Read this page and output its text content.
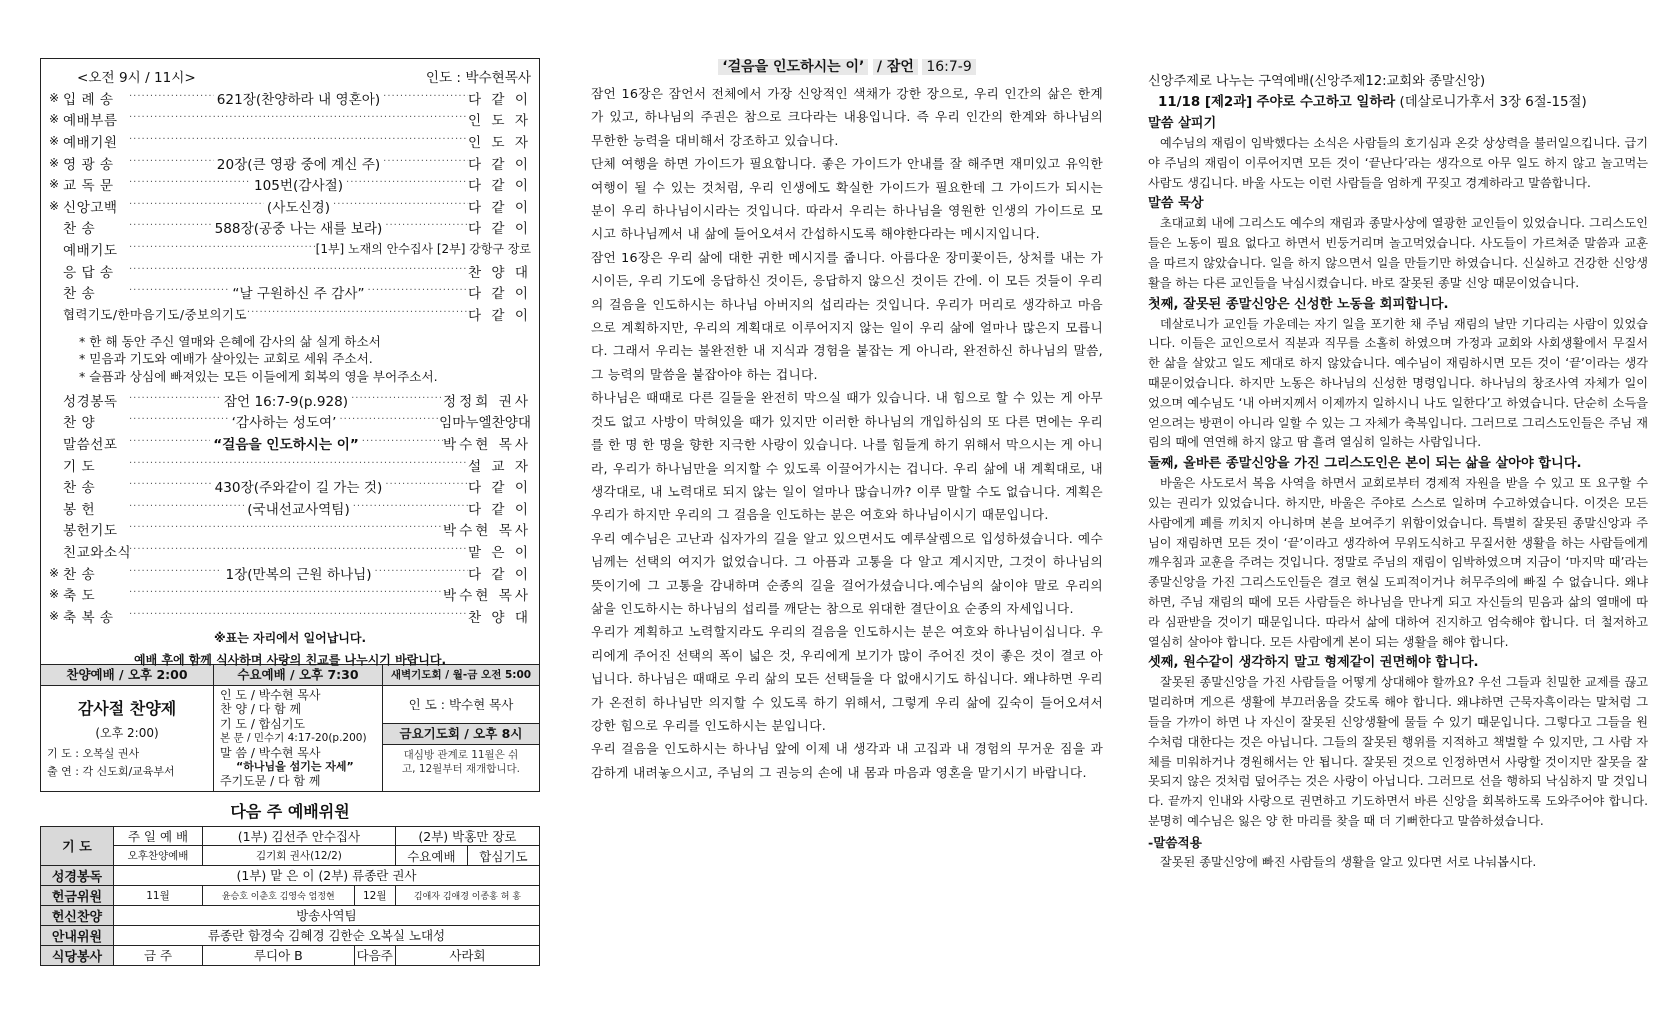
<오전 9시 / 11시>	인도 : 박수현목사
※ 입 례 송 ·····	621장(찬양하라 내 영혼아) ·····	다 같 이
※ 예배부름 ·····	인 도 자
※ 예배기원 ·····	인 도 자
※ 영 광 송 ·····	20장(큰 영광 중에 계신 주) ·····	다 같 이
※ 교 독 문 ·····	105번(감사절) ·····	다 같 이
※ 신앙고백 ·····	(사도신경) ·····	다 같 이
찬 송 ·····	588장(공중 나는 새를 보라) ·····	다 같 이
예배기도 ·····	[1부] 노재의 안수집사 [2부] 강항구 장로
응 답 송 ·····	찬 양 대
찬 송 ·····	“날 구원하신 주 감사” ·····	다 같 이
협력기도/한마음기도/중보의기도 ·····	다 같 이
* 한 해 동안 주신 열매와 은혜에 감사의 삶 실게 하소서
* 믿음과 기도와 예배가 살아있는 교회로 세워 주소서.
* 슬픔과 상심에 빠져있는 모든 이들에게 회복의 영을 부어주소서.
성경봉독 ·····	잠언 16:7-9(p.928) ·····	정정희 권사
찬 양 ·····	‘감사하는 성도여’ ·····	임마누엘찬양대
말씀선포 ·····	“걸음을 인도하시는 이” ·····	박수현 목사
기 도 ·····	설 교 자
찬 송 ·····	430장(주와같이 길 가는 것) ·····	다 같 이
봉 헌 ·····	(국내선교사역팀) ·····	다 같 이
봉헌기도 ·····	박수현 목사
친교와소식 ·····	맡 은 이
※ 찬 송 ·····	1장(만복의 근원 하나님) ·····	다 같 이
※ 축 도 ·····	박수현 목사
※ 축 복 송 ·····	찬 양 대
※표는 자리에서 일어납니다.
예배 후에 함께 식사하며 사랑의 친교를 나누시기 바랍니다.
찬양예배 / 오후 2:00
감사절 찬양제
(오후 2:00)
기 도 : 오복실 권사
출 연 : 각 신도회/교육부서

수요예배 / 오후 7:30
인 도 / 박수현 목사
찬 양 / 다 함 께
기 도 / 합심기도
본 문 / 민수기 4:17-20(p.200)
말 씀 / 박수현 목사
“하나님을 섬기는 자세”
주기도문 / 다 함 께

새벽기도회 / 월-금 오전 5:00
인 도 : 박수현 목사
금요기도회 / 오후 8시
대심방 관계로 11월은 쉬고, 12월부터 재개합니다.
다음 주 예배위원
기 도	주 일 예 배	(1부) 김선주 안수집사		(2부) 박홍만 장로	
	오후찬양예배	김기회 권사(12/2)		수요예배	합심기도
성경봉독	(1부) 맡 은 이 (2부) 류종란 권사				
헌금위원	11월	윤승호 이춘호 김영숙 엄정현	12월	김애자 김애경 이종홍 허 홍	
헌신찬양	방송사역팀				
안내위원	류종란 함경숙 김혜경 김한순 오복실 노대성				
식당봉사	금 주	루디아 B	다음주	사라회	
‘걸음을 인도하시는 이’ / 잠언 16:7-9

잠언 16장은 잠언서 전체에서 가장 신앙적인 색채가 강한 장으로, 우리 인간의 삶은 한계가 있고, 하나님의 주권은 참으로 크다라는 내용입니다. 즉 우리 인간의 한계와 하나님의 무한한 능력을 대비해서 강조하고 있습니다.

단체 여행을 하면 가이드가 필요합니다. 좋은 가이드가 안내를 잘 해주면 재미있고 유익한 여행이 될 수 있는 것처럼, 우리 인생에도 확실한 가이드가 필요한데 그 가이드가 되시는 분이 우리 하나님이시라는 것입니다. 따라서 우리는 하나님을 영원한 인생의 가이드로 모시고 하나님께서 내 삶에 들어오셔서 간섭하시도록 해야한다라는 메시지입니다.

잠언 16장은 우리 삶에 대한 귀한 메시지를 줍니다. 아름다운 장미꽃이든, 상처를 내는 가시이든, 우리 기도에 응답하신 것이든, 응답하지 않으신 것이든 간에. 이 모든 것들이 우리의 걸음을 인도하시는 하나님 아버지의 섭리라는 것입니다. 우리가 머리로 생각하고 마음으로 계획하지만, 우리의 계획대로 이루어지지 않는 일이 우리 삶에 얼마나 많은지 모릅니다. 그래서 우리는 불완전한 내 지식과 경험을 붙잡는 게 아니라, 완전하신 하나님의 말씀, 그 능력의 말씀을 붙잡아야 하는 겁니다.

하나님은 때때로 다른 길들을 완전히 막으실 때가 있습니다. 내 힘으로 할 수 있는 게 아무 것도 없고 사방이 막혀있을 때가 있지만 이러한 하나님의 개입하심의 또 다른 면에는 우리를 한 명 한 명을 향한 지극한 사랑이 있습니다. 나를 힘들게 하기 위해서 막으시는 게 아니라, 우리가 하나님만을 의지할 수 있도록 이끌어가시는 겁니다. 우리 삶에 내 계획대로, 내 생각대로, 내 노력대로 되지 않는 일이 얼마나 많습니까? 이루 말할 수도 없습니다. 계획은 우리가 하지만 우리의 그 걸음을 인도하는 분은 여호와 하나님이시기 때문입니다.

우리 예수님은 고난과 십자가의 길을 알고 있으면서도 예루살렘으로 입성하셨습니다. 예수님께는 선택의 여지가 없었습니다. 그 아픔과 고통을 다 알고 계시지만, 그것이 하나님의 뜻이기에 그 고통을 감내하며 순종의 길을 걸어가셨습니다.예수님의 삶이야 말로 우리의 삶을 인도하시는 하나님의 섭리를 깨닫는 참으로 위대한 결단이요 순종의 자세입니다.

우리가 계획하고 노력할지라도 우리의 걸음을 인도하시는 분은 여호와 하나님이십니다. 우리에게 주어진 선택의 폭이 넓은 것, 우리에게 보기가 많이 주어진 것이 좋은 것이 결코 아닙니다. 하나님은 때때로 우리 삶의 모든 선택들을 다 없애시기도 하십니다. 왜냐하면 우리가 온전히 하나님만 의지할 수 있도록 하기 위해서, 그렇게 우리 삶에 깊숙이 들어오셔서 강한 힘으로 우리를 인도하시는 분입니다.

우리 걸음을 인도하시는 하나님 앞에 이제 내 생각과 내 고집과 내 경험의 무거운 짐을 과감하게 내려놓으시고, 주님의 그 권능의 손에 내 몸과 마음과 영혼을 맡기시기 바랍니다.

신앙주제로 나누는 구역예배(신앙주제12:교회와 종말신앙)

11/18 [제2과] 주야로 수고하고 일하라 (데살로니가후서 3장 6절-15절)

말씀 살피기

예수님의 재림이 임박했다는 소식은 사람들의 호기심과 온갖 상상력을 불러일으킵니다. 급기야 주님의 재림이 이루어지면 모든 것이 ‘끝난다’라는 생각으로 아무 일도 하지 않고 놀고먹는 사람도 생깁니다. 바울 사도는 이런 사람들을 엄하게 꾸짖고 경계하라고 말씀합니다.

말씀 묵상

초대교회 내에 그리스도 예수의 재림과 종말사상에 열광한 교인들이 있었습니다. 그리스도인들은 노동이 필요 없다고 하면서 빈둥거리며 놀고먹었습니다. 사도들이 가르쳐준 말씀과 교훈을 따르지 않았습니다. 일을 하지 않으면서 일을 만들기만 하였습니다. 신실하고 건강한 신앙생활을 하는 다른 교인들을 낙심시켰습니다. 바로 잘못된 종말 신앙 때문이었습니다.

첫째, 잘못된 종말신앙은 신성한 노동을 회피합니다.

데살로니가 교인들 가운데는 자기 일을 포기한 채 주님 재림의 날만 기다리는 사람이 있었습니다. 이들은 교인으로서 직분과 직무를 소홀히 하였으며 가정과 교회와 사회생활에서 무질서한 삶을 살았고 일도 제대로 하지 않았습니다. 예수님이 재림하시면 모든 것이 ‘끝’이라는 생각 때문이었습니다. 하지만 노동은 하나님의 신성한 명령입니다. 하나님의 창조사역 자체가 일이었으며 예수님도 ‘내 아버지께서 이제까지 일하시니 나도 일한다’고 하였습니다. 단순히 소득을 얻으려는 방편이 아니라 일할 수 있는 그 자체가 축복입니다. 그러므로 그리스도인들은 주님 재림의 때에 연연해 하지 않고 땀 흘려 열심히 일하는 사람입니다.

둘째, 올바른 종말신앙을 가진 그리스도인은 본이 되는 삶을 살아야 합니다.

바울은 사도로서 복음 사역을 하면서 교회로부터 경제적 자원을 받을 수 있고 또 요구할 수 있는 권리가 있었습니다. 하지만, 바울은 주야로 스스로 일하며 수고하였습니다. 이것은 모든 사람에게 폐를 끼치지 아니하며 본을 보여주기 위함이었습니다. 특별히 잘못된 종말신앙과 주님이 재림하면 모든 것이 ‘끝’이라고 생각하여 무위도식하고 무질서한 생활을 하는 사람들에게 깨우침과 교훈을 주려는 것입니다. 정말로 주님의 재림이 임박하였으며 지금이 ‘마지막 때’라는 종말신앙을 가진 그리스도인들은 결코 현실 도피적이거나 허무주의에 빠질 수 없습니다. 왜냐하면, 주님 재림의 때에 모든 사람들은 하나님을 만나게 되고 자신들의 믿음과 삶의 열매에 따라 심판받을 것이기 때문입니다. 따라서 삶에 대하여 진지하고 엄숙해야 합니다. 더 철저하고 열심히 살아야 합니다. 모든 사람에게 본이 되는 생활을 해야 합니다.

셋째, 원수같이 생각하지 말고 형제같이 권면해야 합니다.

잘못된 종말신앙을 가진 사람들을 어떻게 상대해야 할까요? 우선 그들과 친밀한 교제를 끊고 멀리하며 게으른 생활에 부끄러움을 갖도록 해야 합니다. 왜냐하면 근묵자흑이라는 말처럼 그들을 가까이 하면 나 자신이 잘못된 신앙생활에 물들 수 있기 때문입니다. 그렇다고 그들을 원수처럼 대한다는 것은 아닙니다. 그들의 잘못된 행위를 지적하고 책벌할 수 있지만, 그 사람 자체를 미워하거나 경원해서는 안 됩니다. 잘못된 것으로 인정하면서 사랑할 것이지만 잘못을 잘못되지 않은 것처럼 덮어주는 것은 사랑이 아닙니다. 그러므로 선을 행하되 낙심하지 말 것입니다. 끝까지 인내와 사랑으로 권면하고 기도하면서 바른 신앙을 회복하도록 도와주어야 합니다. 분명히 예수님은 잃은 양 한 마리를 찾을 때 더 기뻐한다고 말씀하셨습니다.

-말씀적용

잘못된 종말신앙에 빠진 사람들의 생활을 알고 있다면 서로 나눠봅시다.
